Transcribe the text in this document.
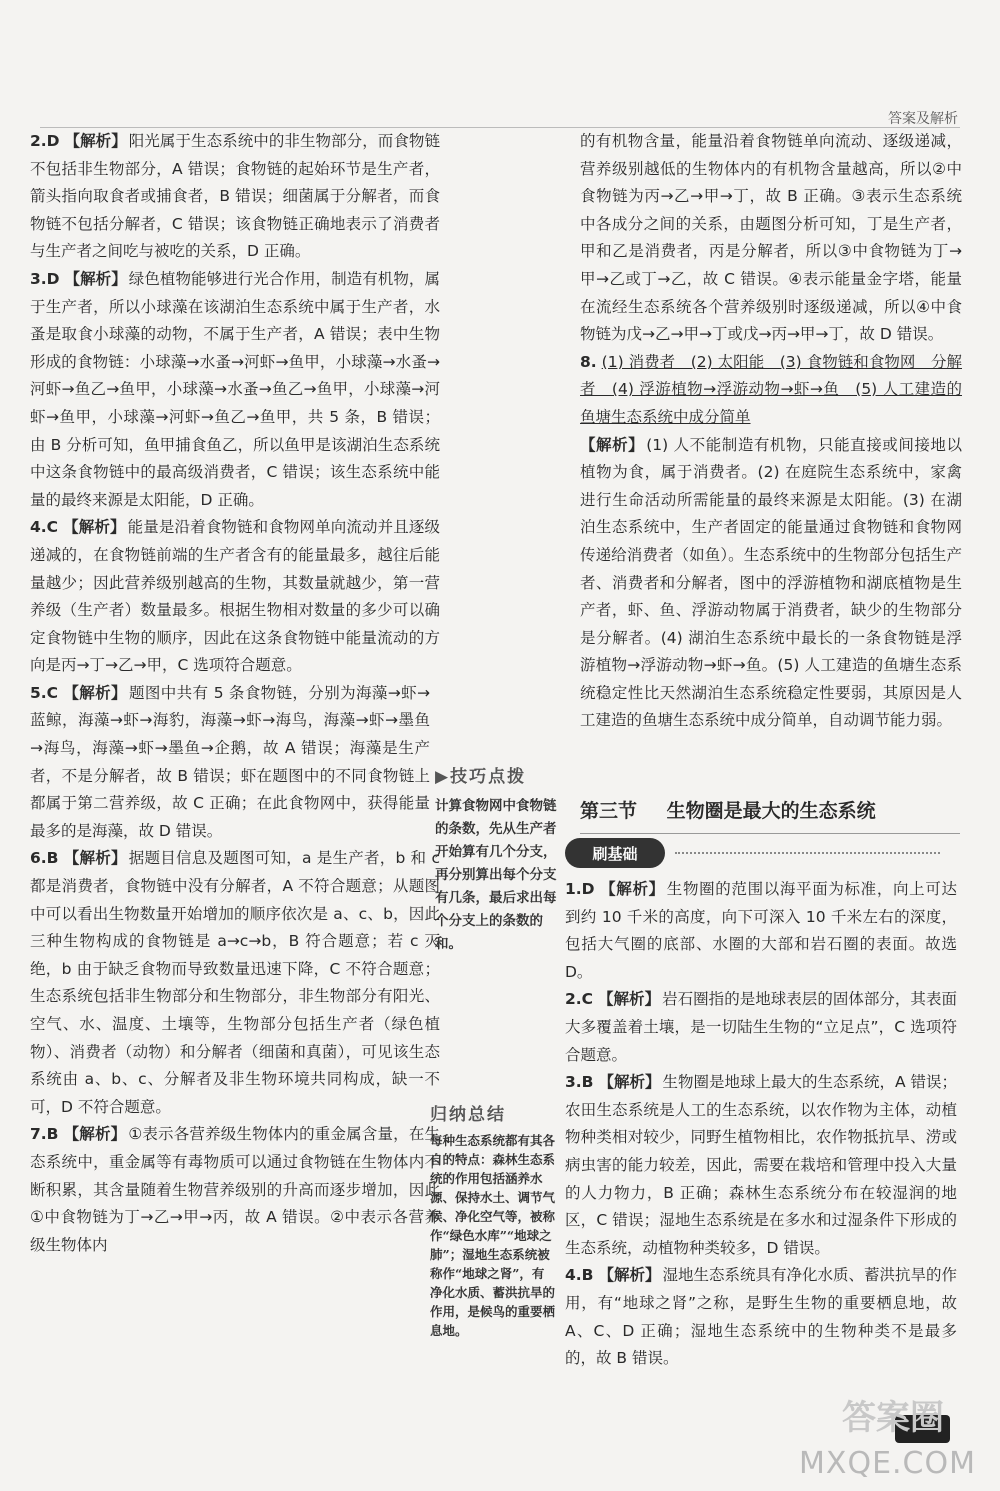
答案及解析
2.D 【解析】 阳光属于生态系统中的非生物部分，而食物链不包括非生物部分，A 错误；食物链的起始环节是生产者，箭头指向取食者或捕食者，B 错误；细菌属于分解者，而食物链不包括分解者，C 错误；该食物链正确地表示了消费者与生产者之间吃与被吃的关系，D 正确。
3.D 【解析】 绿色植物能够进行光合作用，制造有机物，属于生产者，所以小球藻在该湖泊生态系统中属于生产者，水蚤是取食小球藻的动物，不属于生产者，A 错误；表中生物形成的食物链：小球藻→水蚤→河虾→鱼甲，小球藻→水蚤→河虾→鱼乙→鱼甲，小球藻→水蚤→鱼乙→鱼甲，小球藻→河虾→鱼甲，小球藻→河虾→鱼乙→鱼甲，共 5 条，B 错误；由 B 分析可知，鱼甲捕食鱼乙，所以鱼甲是该湖泊生态系统中这条食物链中的最高级消费者，C 错误；该生态系统中能量的最终来源是太阳能，D 正确。
4.C 【解析】 能量是沿着食物链和食物网单向流动并且逐级递减的，在食物链前端的生产者含有的能量最多，越往后能量越少；因此营养级别越高的生物，其数量就越少，第一营养级（生产者）数量最多。根据生物相对数量的多少可以确定食物链中生物的顺序，因此在这条食物链中能量流动的方向是丙→丁→乙→甲，C 选项符合题意。
5.C 【解析】 题图中共有 5 条食物链，分别为海藻→虾→蓝鲸，海藻→虾→海豹，海藻→虾→海鸟，海藻→虾→墨鱼→海鸟，海藻→虾→墨鱼→企鹅，故 A 错误；海藻是生产者，不是分解者，故 B 错误；虾在题图中的不同食物链上都属于第二营养级，故 C 正确；在此食物网中，获得能量最多的是海藻，故 D 错误。
6.B 【解析】 据题目信息及题图可知，a 是生产者，b 和 c 都是消费者，食物链中没有分解者，A 不符合题意；从题图中可以看出生物数量开始增加的顺序依次是 a、c、b，因此三种生物构成的食物链是 a→c→b，B 符合题意；若 c 灭绝，b 由于缺乏食物而导致数量迅速下降，C 不符合题意；生态系统包括非生物部分和生物部分，非生物部分有阳光、空气、水、温度、土壤等，生物部分包括生产者（绿色植物）、消费者（动物）和分解者（细菌和真菌），可见该生态系统由 a、b、c、分解者及非生物环境共同构成，缺一不可，D 不符合题意。
7.B 【解析】 ①表示各营养级生物体内的重金属含量，在生态系统中，重金属等有毒物质可以通过食物链在生物体内不断积累，其含量随着生物营养级别的升高而逐步增加，因此①中食物链为丁→乙→甲→丙，故 A 错误。②中表示各营养级生物体内
▶技巧点拨
计算食物网中食物链的条数，先从生产者开始算有几个分支，再分别算出每个分支有几条，最后求出每个分支上的条数的和。
归纳总结
每种生态系统都有其各自的特点：森林生态系统的作用包括涵养水源、保持水土、调节气候、净化空气等，被称作“绿色水库”“地球之肺”；湿地生态系统被称作“地球之肾”，有净化水质、蓄洪抗旱的作用，是候鸟的重要栖息地。
的有机物含量，能量沿着食物链单向流动、逐级递减，营养级别越低的生物体内的有机物含量越高，所以②中食物链为丙→乙→甲→丁，故 B 正确。③表示生态系统中各成分之间的关系，由题图分析可知，丁是生产者，甲和乙是消费者，丙是分解者，所以③中食物链为丁→甲→乙或丁→乙，故 C 错误。④表示能量金字塔，能量在流经生态系统各个营养级别时逐级递减，所以④中食物链为戊→乙→甲→丁或戊→丙→甲→丁，故 D 错误。
8. (1) 消费者　(2) 太阳能　(3) 食物链和食物网　分解者　(4) 浮游植物→浮游动物→虾→鱼　(5) 人工建造的鱼塘生态系统中成分简单
【解析】 (1) 人不能制造有机物，只能直接或间接地以植物为食，属于消费者。(2) 在庭院生态系统中，家禽进行生命活动所需能量的最终来源是太阳能。(3) 在湖泊生态系统中，生产者固定的能量通过食物链和食物网传递给消费者（如鱼）。生态系统中的生物部分包括生产者、消费者和分解者，图中的浮游植物和湖底植物是生产者，虾、鱼、浮游动物属于消费者，缺少的生物部分是分解者。(4) 湖泊生态系统中最长的一条食物链是浮游植物→浮游动物→虾→鱼。(5) 人工建造的鱼塘生态系统稳定性比天然湖泊生态系统稳定性要弱，其原因是人工建造的鱼塘生态系统中成分简单，自动调节能力弱。
第三节 生物圈是最大的生态系统
刷基础
1.D 【解析】 生物圈的范围以海平面为标准，向上可达到约 10 千米的高度，向下可深入 10 千米左右的深度，包括大气圈的底部、水圈的大部和岩石圈的表面。故选 D。
2.C 【解析】 岩石圈指的是地球表层的固体部分，其表面大多覆盖着土壤，是一切陆生生物的“立足点”，C 选项符合题意。
3.B 【解析】 生物圈是地球上最大的生态系统，A 错误；农田生态系统是人工的生态系统，以农作物为主体，动植物种类相对较少，同野生植物相比，农作物抵抗旱、涝或病虫害的能力较差，因此，需要在栽培和管理中投入大量的人力物力，B 正确；森林生态系统分布在较湿润的地区，C 错误；湿地生态系统是在多水和过湿条件下形成的生态系统，动植物种类较多，D 错误。
4.B 【解析】 湿地生态系统具有净化水质、蓄洪抗旱的作用，有“地球之肾”之称，是野生生物的重要栖息地，故 A、C、D 正确；湿地生态系统中的生物种类不是最多的，故 B 错误。
答案圈
MXQE.COM
